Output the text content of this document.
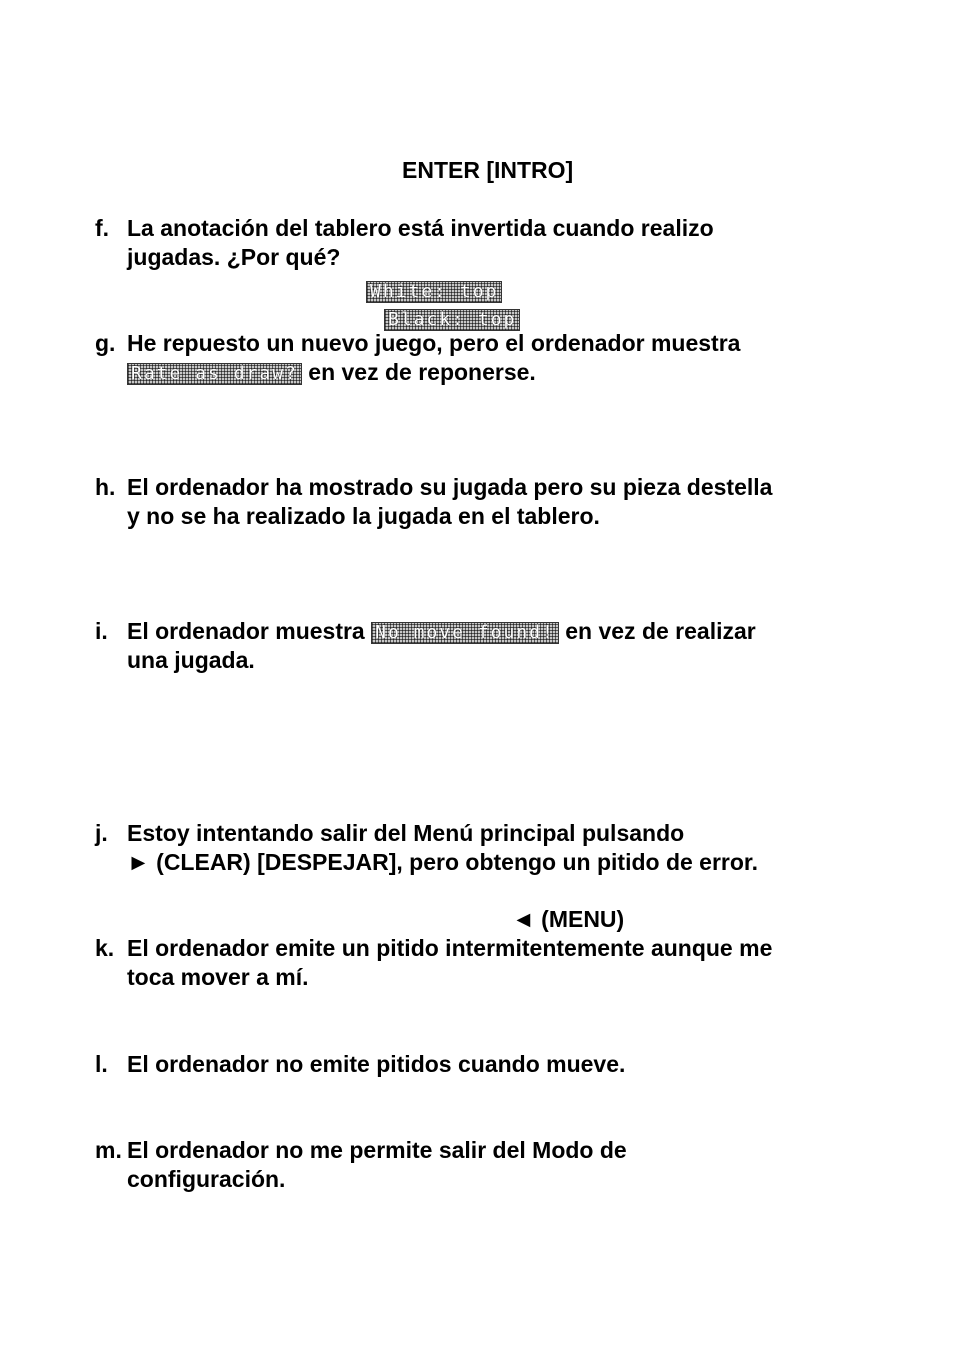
ENTER [INTRO]
f. La anotación del tablero está invertida cuando realizo
jugadas. ¿Por qué?
White: top
Black: top
g. He repuesto un nuevo juego, pero el ordenador muestra
Rate as draw? en vez de reponerse.
h. El ordenador ha mostrado su jugada pero su pieza destella
y no se ha realizado la jugada en el tablero.
i. El ordenador muestra No move found! en vez de realizar
una jugada.
j. Estoy intentando salir del Menú principal pulsando
► (CLEAR) [DESPEJAR], pero obtengo un pitido de error.
◄ (MENU)
k. El ordenador emite un pitido intermitentemente aunque me
toca mover a mí.
l. El ordenador no emite pitidos cuando mueve.
m. El ordenador no me permite salir del Modo de
configuración.
